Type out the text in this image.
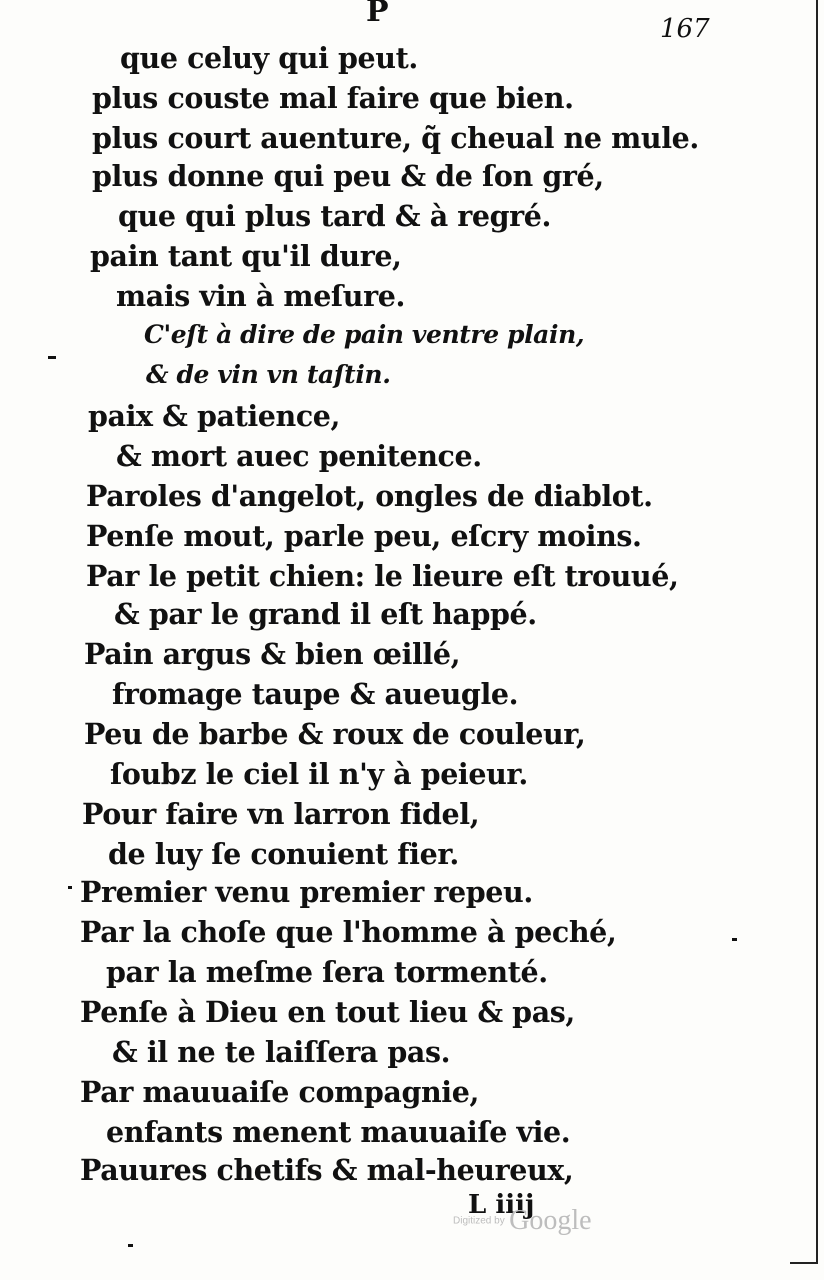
P	167
que celuy qui peut.
plus couste mal faire que bien.
plus court auenture, q̃ cheual ne mule.
plus donne qui peu & de ſon gré,
que qui plus tard & à regré.
pain tant qu'il dure,
mais vin à meſure.
C'eſt à dire de pain ventre plain,
& de vin vn taſtin.
paix & patience,
& mort auec penitence.
Paroles d'angelot, ongles de diablot.
Penſe mout, parle peu, eſcry moins.
Par le petit chien: le lieure eſt trouué,
& par le grand il eſt happé.
Pain argus & bien œillé,
fromage taupe & aueugle.
Peu de barbe & roux de couleur,
ſoubz le ciel il n'y à peieur.
Pour faire vn larron fidel,
de luy ſe conuient fier.
Premier venu premier repeu.
Par la choſe que l'homme à peché,
par la meſme ſera tormenté.
Penſe à Dieu en tout lieu & pas,
& il ne te laiſſera pas.
Par mauuaiſe compagnie,
enfants menent mauuaiſe vie.
Pauures chetifs & mal-heureux,
L iiij
Digitized by Google
